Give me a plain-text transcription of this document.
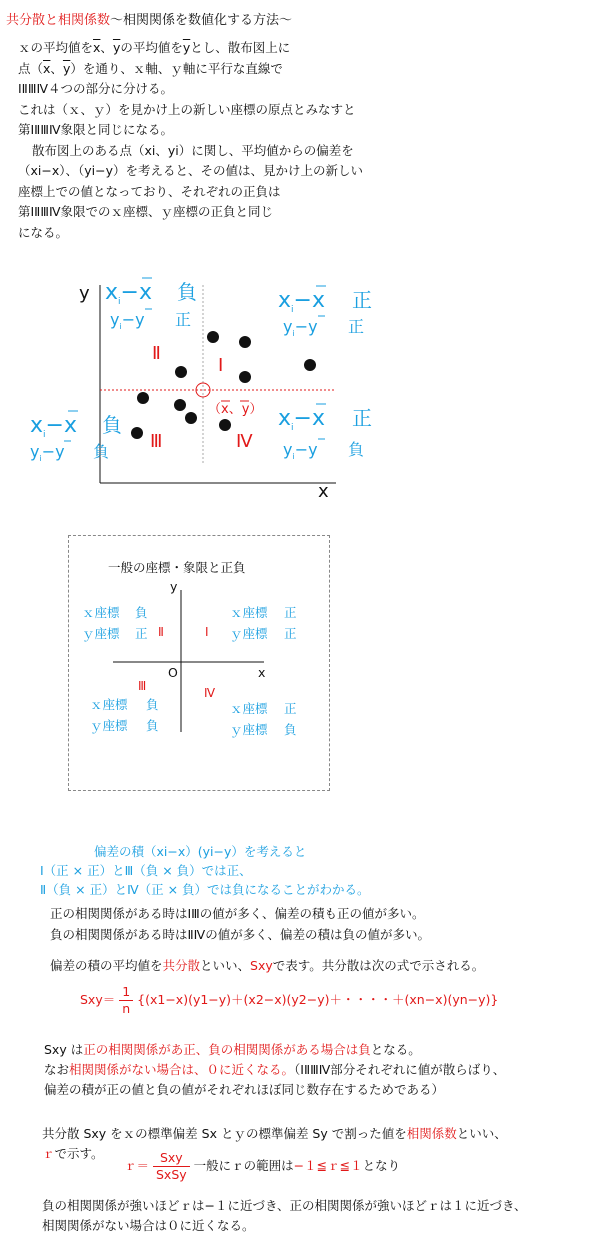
共分散と相関係数〜相関関係を数値化する方法〜
ｘの平均値を$\overline{x}$、$\overline{y}$の平均値を$\overline{y}$とし、散布図上に
点（$\overline{x}$、$\overline{y}$）を通り、ｘ軸、ｙ軸に平行な直線で
ⅠⅡⅢⅣ４つの部分に分ける。
これは（ｘ、ｙ）を見かけ上の新しい座標の原点とみなすと
第ⅠⅡⅢⅣ象限と同じになる。
散布図上のある点（xi、yi）に関し、平均値からの偏差を
（xi−x）、（yi−y）を考えると、その値は、見かけ上の新しい
座標上での値となっており、それぞれの正負は
第ⅠⅡⅢⅣ象限でのｘ座標、ｙ座標の正負と同じ
になる。
y
x
（x、y）
Ⅰ
Ⅱ
Ⅲ	Ⅳ
$x_i-x$ 負
$y_i-y$ 正
$x_i-x$ 正
$y_i-y$ 正
$x_i-x$ 負
$y_i-y$ 負
$x_i-x$ 正
$y_i-y$ 負
一般の座標・象限と正負
y
x
O
Ⅱ	Ⅰ
Ⅲ	Ⅳ
ｘ座標 負
ｙ座標 正
ｘ座標 正
ｙ座標 正
ｘ座標 負
ｙ座標 負
ｘ座標 正
ｙ座標 負
偏差の積（xi−x）(yi−y）を考えると
Ⅰ（正 × 正）とⅢ（負 × 負）では正、
Ⅱ（負 × 正）とⅣ（正 × 負）では負になることがわかる。
正の相関関係がある時はⅠⅢの値が多く、偏差の積も正の値が多い。
負の相関関係がある時はⅡⅣの値が多く、偏差の積は負の値が多い。
偏差の積の平均値を共分散といい、Sxyで表す。共分散は次の式で示される。
$Sxy= \frac{1}{n} \{(x1-x)(y1-y)+(x2-x)(y2-y)+$・・・・＋(xn−x)(yn−y)}
Sxy は正の相関関係があ正、負の相関関係がある場合は負となる。
なお相関関係がない場合は、０に近くなる。（ⅠⅡⅢⅣ部分それぞれに値が散らばり、
偏差の積が正の値と負の値がそれぞれほぼ同じ数存在するためである）
共分散 Sxy をｘの標準偏差 Sx とｙの標準偏差 Sy で割った値を相関係数といい、
ｒで示す。
ｒ＝ $\frac{\text{Sxy}}{\text{SxSy}}$ 一般にｒの範囲は−１≦ｒ≦１となり
負の相関関係が強いほどｒは−１に近づき、正の相関関係が強いほどｒは１に近づき、
相関関係がない場合は０に近くなる。
